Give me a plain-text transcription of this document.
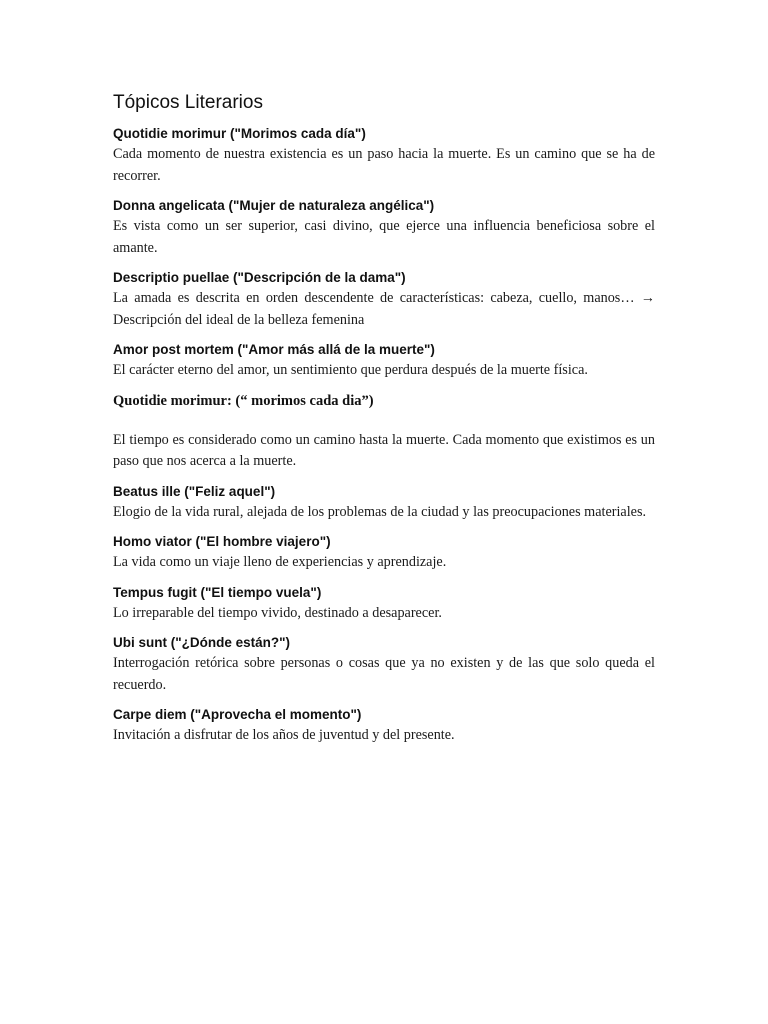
Tópicos Literarios
Quotidie morimur ("Morimos cada día")

Cada momento de nuestra existencia es un paso hacia la muerte. Es un camino que se ha de recorrer.

Donna angelicata ("Mujer de naturaleza angélica")

Es vista como un ser superior, casi divino, que ejerce una influencia beneficiosa sobre el amante.

Descriptio puellae ("Descripción de la dama")

La amada es descrita en orden descendente de características: cabeza, cuello, manos… → Descripción del ideal de la belleza femenina

Amor post mortem ("Amor más allá de la muerte")

El carácter eterno del amor, un sentimiento que perdura después de la muerte física.

Quotidie morimur: (“ morimos cada dia”)

El tiempo es considerado como un camino hasta la muerte. Cada momento que existimos es un paso que nos acerca a la muerte.

Beatus ille ("Feliz aquel")

Elogio de la vida rural, alejada de los problemas de la ciudad y las preocupaciones materiales.

Homo viator ("El hombre viajero")

La vida como un viaje lleno de experiencias y aprendizaje.

Tempus fugit ("El tiempo vuela")

Lo irreparable del tiempo vivido, destinado a desaparecer.

Ubi sunt ("¿Dónde están?")

Interrogación retórica sobre personas o cosas que ya no existen y de las que solo queda el recuerdo.

Carpe diem ("Aprovecha el momento")

Invitación a disfrutar de los años de juventud y del presente.
